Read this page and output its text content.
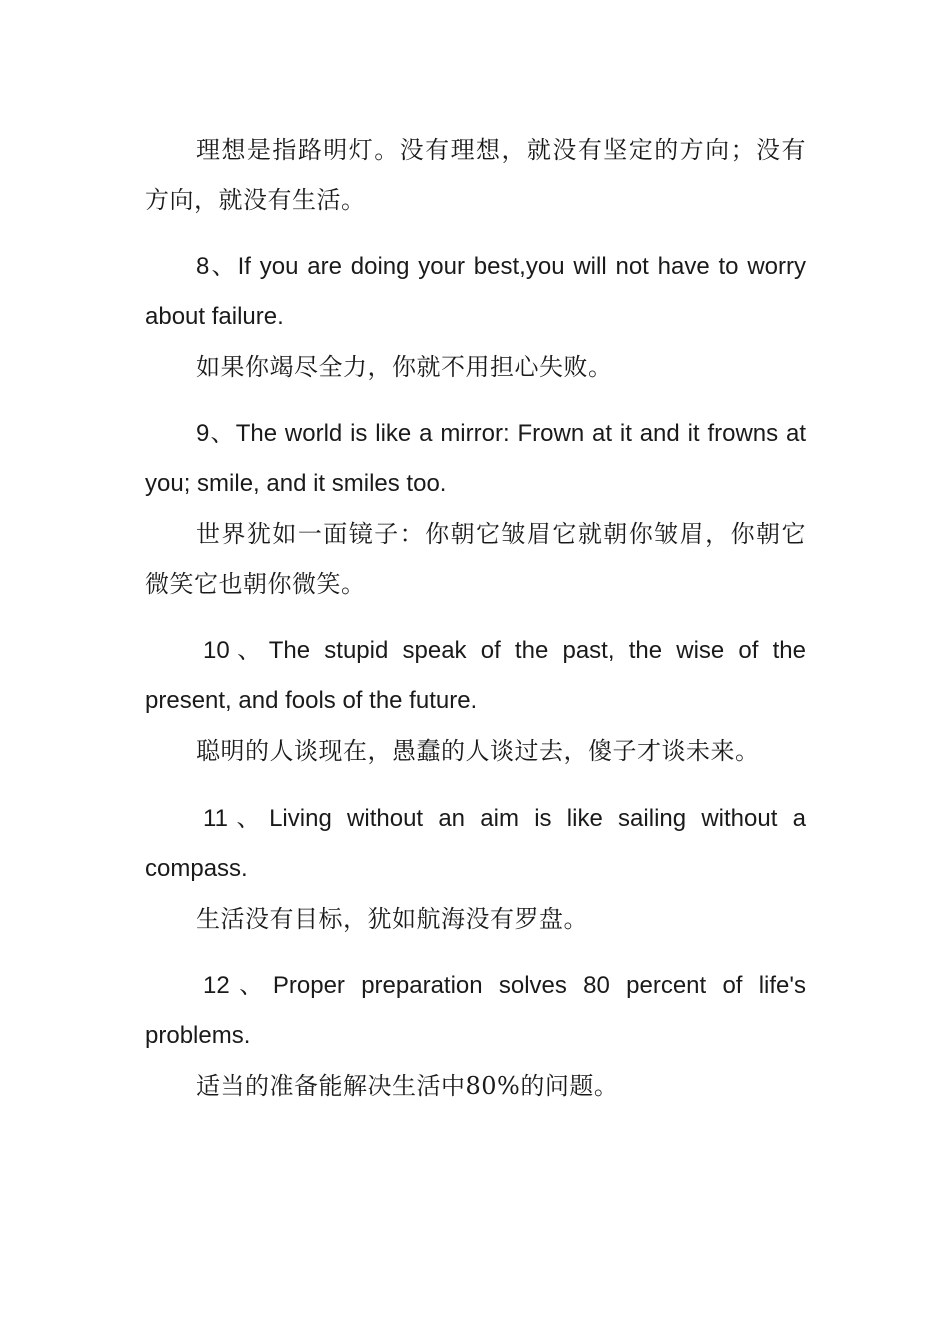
理想是指路明灯。没有理想，就没有坚定的方向；没有方向，就没有生活。

8、If you are doing your best,you will not have to worry about failure.

如果你竭尽全力，你就不用担心失败。

9、The world is like a mirror: Frown at it and it frowns at you; smile, and it smiles too.

世界犹如一面镜子：你朝它皱眉它就朝你皱眉，你朝它微笑它也朝你微笑。

10、The stupid speak of the past, the wise of the present, and fools of the future.

聪明的人谈现在，愚蠢的人谈过去，傻子才谈未来。

11、Living without an aim is like sailing without a compass.

生活没有目标，犹如航海没有罗盘。

12、Proper preparation solves 80 percent of life's problems.

适当的准备能解决生活中80%的问题。
